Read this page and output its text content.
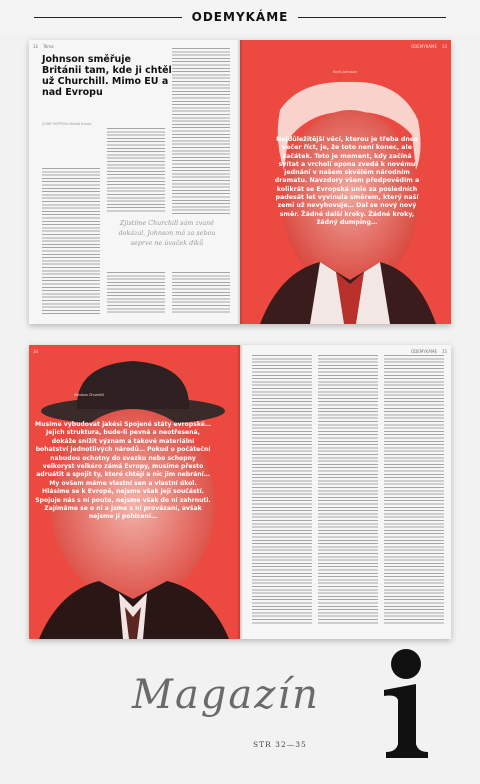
ODEMYKÁME
32 Téma
Johnson směřuje Británii tam, kde ji chtěl už Churchill. Mimo EU a nad Evropu
JOSEF KOPŘIVA Mladá fronta
Zjistíme Churchill sám zvaně dokázal, Johnson má za sebou seprve ne úvaček díků
33
ODEMYKÁME
Boris Johnson
Nejdůležitější věcí, kterou je třeba dnes večer říct, je, že toto není konec, ale začátek. Toto je moment, kdy začíná svítat a vrcholí opona zvedá k novému jednání v našem skvělém národním dramatu. Navzdory všem předpovědím a kolikrát se Evropská unie za posledních padesát let vyvinula směrem, který naší zemi už nevyhovuje… Dal se nový nový směr. Žádné další kroky. Žádné kroky, žádný dumping…
34
Winston Churchill
Musíme vybudovat jakési Spojené státy evropské… Jejich struktura, bude-li pevná a neotřesená, dokáže snížit význam a takové materiální bohatství jednotlivých národů… Pokud o počáteční nabudou ochotny do svazku nebo schopny velkoryst velkéro zámá Evropy, musíme přesto adruátit a spojit ty, které chtějí a nic jim nebrání… My ovšem máme vlastní sen a vlastní úkol. Hlásíme se k Evropě, nejsme však její součástí. Spojuje nás s ní pouto, nejsme však do ní zahrnuti. Zajímáme se o ni a jsme s ní provázaní, avšak nejsme jí pohlceni…
35
ODEMYKÁME
Magazín
STR 32—35
